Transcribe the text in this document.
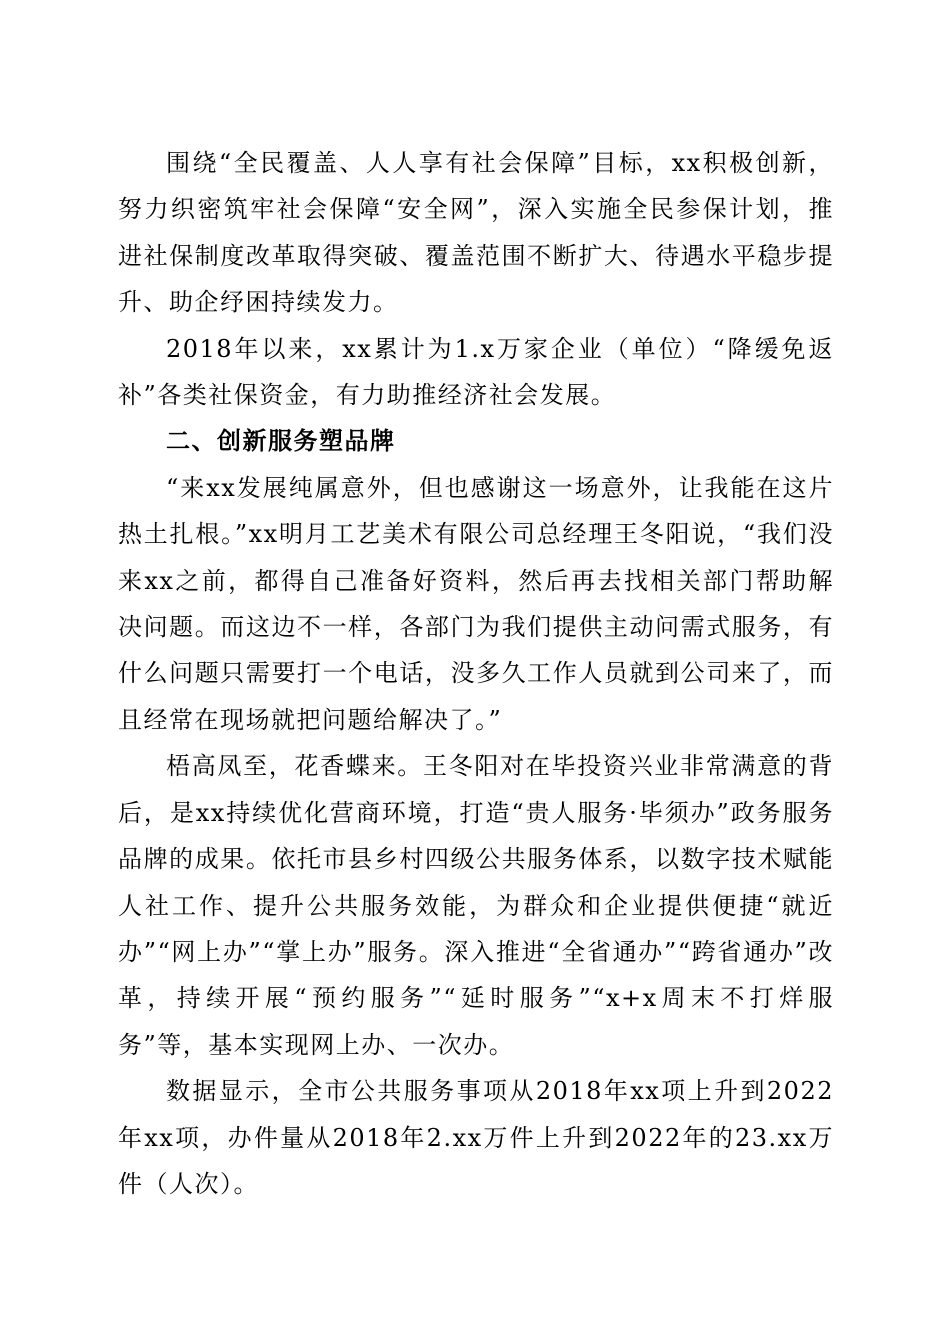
围绕“全民覆盖、人人享有社会保障”目标，xx积极创新，努力织密筑牢社会保障“安全网”，深入实施全民参保计划，推进社保制度改革取得突破、覆盖范围不断扩大、待遇水平稳步提升、助企纾困持续发力。

2018年以来，xx累计为1.x万家企业（单位）“降缓免返补”各类社保资金，有力助推经济社会发展。

二、创新服务塑品牌

“来xx发展纯属意外，但也感谢这一场意外，让我能在这片热土扎根。”xx明月工艺美术有限公司总经理王冬阳说，“我们没来xx之前，都得自己准备好资料，然后再去找相关部门帮助解决问题。而这边不一样，各部门为我们提供主动问需式服务，有什么问题只需要打一个电话，没多久工作人员就到公司来了，而且经常在现场就把问题给解决了。”

梧高凤至，花香蝶来。王冬阳对在毕投资兴业非常满意的背后，是xx持续优化营商环境，打造“贵人服务·毕须办”政务服务品牌的成果。依托市县乡村四级公共服务体系，以数字技术赋能人社工作、提升公共服务效能，为群众和企业提供便捷“就近办”“网上办”“掌上办”服务。深入推进“全省通办”“跨省通办”改革，持续开展“预约服务”“延时服务”“x+x周末不打烊服务”等，基本实现网上办、一次办。

数据显示，全市公共服务事项从2018年xx项上升到2022年xx项，办件量从2018年2.xx万件上升到2022年的23.xx万件（人次）。
